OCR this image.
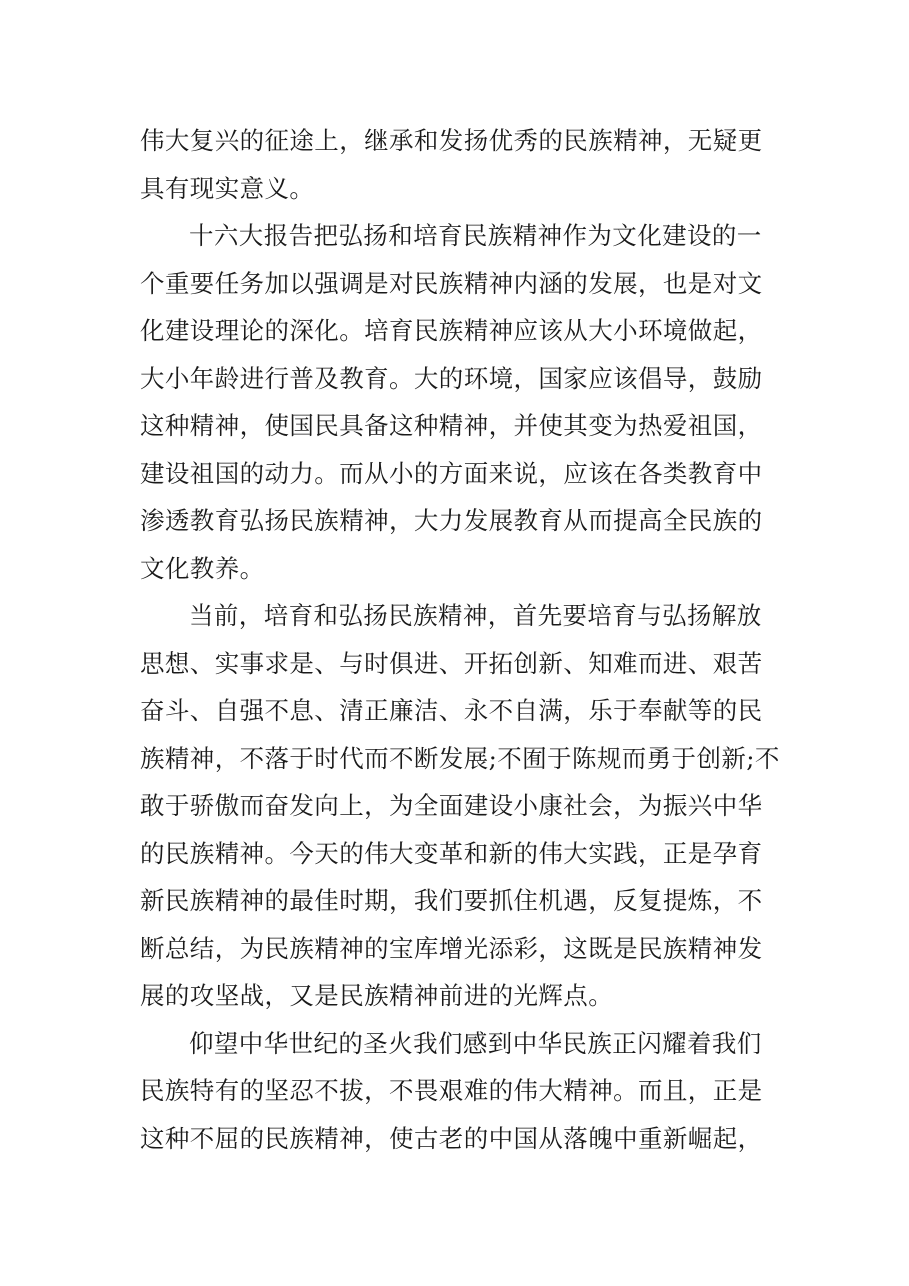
伟大复兴的征途上，继承和发扬优秀的民族精神，无疑更
具有现实意义。
十六大报告把弘扬和培育民族精神作为文化建设的一
个重要任务加以强调是对民族精神内涵的发展，也是对文
化建设理论的深化。培育民族精神应该从大小环境做起，
大小年龄进行普及教育。大的环境，国家应该倡导，鼓励
这种精神，使国民具备这种精神，并使其变为热爱祖国，
建设祖国的动力。而从小的方面来说，应该在各类教育中
渗透教育弘扬民族精神，大力发展教育从而提高全民族的
文化教养。
当前，培育和弘扬民族精神，首先要培育与弘扬解放
思想、实事求是、与时俱进、开拓创新、知难而进、艰苦
奋斗、自强不息、清正廉洁、永不自满，乐于奉献等的民
族精神，不落于时代而不断发展;不囿于陈规而勇于创新;不
敢于骄傲而奋发向上，为全面建设小康社会，为振兴中华
的民族精神。今天的伟大变革和新的伟大实践，正是孕育
新民族精神的最佳时期，我们要抓住机遇，反复提炼，不
断总结，为民族精神的宝库增光添彩，这既是民族精神发
展的攻坚战，又是民族精神前进的光辉点。
仰望中华世纪的圣火我们感到中华民族正闪耀着我们
民族特有的坚忍不拔，不畏艰难的伟大精神。而且，正是
这种不屈的民族精神，使古老的中国从落魄中重新崛起，
